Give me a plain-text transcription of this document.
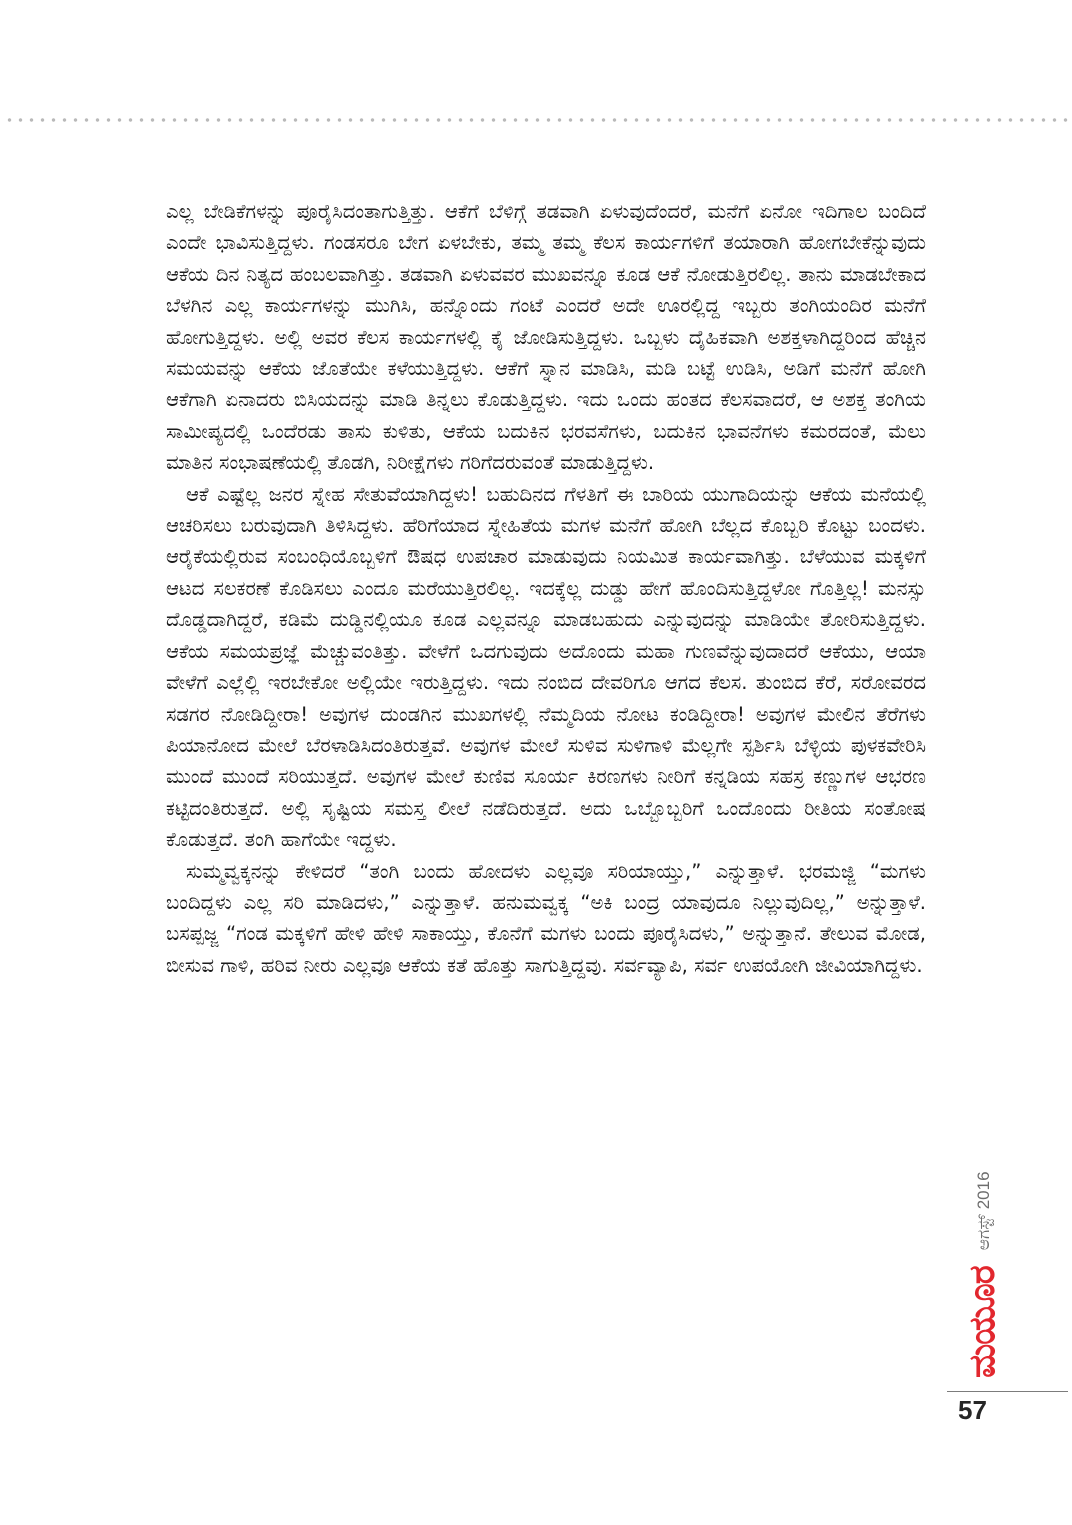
ಎಲ್ಲ ಬೇಡಿಕೆಗಳನ್ನು ಪೂರೈಸಿದಂತಾಗುತ್ತಿತ್ತು. ಆಕೆಗೆ ಬೆಳಿಗ್ಗೆ ತಡವಾಗಿ ಏಳುವುದೆಂದರೆ, ಮನೆಗೆ ಏನೋ ಇದಿಗಾಲ ಬಂದಿದೆ ಎಂದೇ ಭಾವಿಸುತ್ತಿದ್ದಳು. ಗಂಡಸರೂ ಬೇಗ ಏಳಬೇಕು, ತಮ್ಮ ತಮ್ಮ ಕೆಲಸ ಕಾರ್ಯಗಳಿಗೆ ತಯಾರಾಗಿ ಹೋಗಬೇಕೆನ್ನುವುದು ಆಕೆಯ ದಿನ ನಿತ್ಯದ ಹಂಬಲವಾಗಿತ್ತು. ತಡವಾಗಿ ಏಳುವವರ ಮುಖವನ್ನೂ ಕೂಡ ಆಕೆ ನೋಡುತ್ತಿರಲಿಲ್ಲ. ತಾನು ಮಾಡಬೇಕಾದ ಬೆಳಗಿನ ಎಲ್ಲ ಕಾರ್ಯಗಳನ್ನು ಮುಗಿಸಿ, ಹನ್ನೊಂದು ಗಂಟೆ ಎಂದರೆ ಅದೇ ಊರಲ್ಲಿದ್ದ ಇಬ್ಬರು ತಂಗಿಯಂದಿರ ಮನೆಗೆ ಹೋಗುತ್ತಿದ್ದಳು. ಅಲ್ಲಿ ಅವರ ಕೆಲಸ ಕಾರ್ಯಗಳಲ್ಲಿ ಕೈ ಜೋಡಿಸುತ್ತಿದ್ದಳು. ಒಬ್ಬಳು ದೈಹಿಕವಾಗಿ ಅಶಕ್ತಳಾಗಿದ್ದರಿಂದ ಹೆಚ್ಚಿನ ಸಮಯವನ್ನು ಆಕೆಯ ಜೊತೆಯೇ ಕಳೆಯುತ್ತಿದ್ದಳು. ಆಕೆಗೆ ಸ್ನಾನ ಮಾಡಿಸಿ, ಮಡಿ ಬಟ್ಟೆ ಉಡಿಸಿ, ಅಡಿಗೆ ಮನೆಗೆ ಹೋಗಿ ಆಕೆಗಾಗಿ ಏನಾದರು ಬಿಸಿಯದನ್ನು ಮಾಡಿ ತಿನ್ನಲು ಕೊಡುತ್ತಿದ್ದಳು. ಇದು ಒಂದು ಹಂತದ ಕೆಲಸವಾದರೆ, ಆ ಅಶಕ್ತ ತಂಗಿಯ ಸಾಮೀಪ್ಯದಲ್ಲಿ ಒಂದೆರಡು ತಾಸು ಕುಳಿತು, ಆಕೆಯ ಬದುಕಿನ ಭರವಸೆಗಳು, ಬದುಕಿನ ಭಾವನೆಗಳು ಕಮರದಂತೆ, ಮೆಲು ಮಾತಿನ ಸಂಭಾಷಣೆಯಲ್ಲಿ ತೊಡಗಿ, ನಿರೀಕ್ಷೆಗಳು ಗರಿಗೆದರುವಂತೆ ಮಾಡುತ್ತಿದ್ದಳು.

ಆಕೆ ಎಷ್ಟೆಲ್ಲ ಜನರ ಸ್ನೇಹ ಸೇತುವೆಯಾಗಿದ್ದಳು! ಬಹುದಿನದ ಗೆಳತಿಗೆ ಈ ಬಾರಿಯ ಯುಗಾದಿಯನ್ನು ಆಕೆಯ ಮನೆಯಲ್ಲಿ ಆಚರಿಸಲು ಬರುವುದಾಗಿ ತಿಳಿಸಿದ್ದಳು. ಹೆರಿಗೆಯಾದ ಸ್ನೇಹಿತೆಯ ಮಗಳ ಮನೆಗೆ ಹೋಗಿ ಬೆಲ್ಲದ ಕೊಬ್ಬರಿ ಕೊಟ್ಟು ಬಂದಳು. ಆರೈಕೆಯಲ್ಲಿರುವ ಸಂಬಂಧಿಯೊಬ್ಬಳಿಗೆ ಔಷಧ ಉಪಚಾರ ಮಾಡುವುದು ನಿಯಮಿತ ಕಾರ್ಯವಾಗಿತ್ತು. ಬೆಳೆಯುವ ಮಕ್ಕಳಿಗೆ ಆಟದ ಸಲಕರಣೆ ಕೊಡಿಸಲು ಎಂದೂ ಮರೆಯುತ್ತಿರಲಿಲ್ಲ. ಇದಕ್ಕೆಲ್ಲ ದುಡ್ಡು ಹೇಗೆ ಹೊಂದಿಸುತ್ತಿದ್ದಳೋ ಗೊತ್ತಿಲ್ಲ! ಮನಸ್ಸು ದೊಡ್ಡದಾಗಿದ್ದರೆ, ಕಡಿಮೆ ದುಡ್ಡಿನಲ್ಲಿಯೂ ಕೂಡ ಎಲ್ಲವನ್ನೂ ಮಾಡಬಹುದು ಎನ್ನುವುದನ್ನು ಮಾಡಿಯೇ ತೋರಿಸುತ್ತಿದ್ದಳು. ಆಕೆಯ ಸಮಯಪ್ರಜ್ಞೆ ಮೆಚ್ಚುವಂತಿತ್ತು. ವೇಳೆಗೆ ಒದಗುವುದು ಅದೊಂದು ಮಹಾ ಗುಣವೆನ್ನುವುದಾದರೆ ಆಕೆಯು, ಆಯಾ ವೇಳೆಗೆ ಎಲ್ಲೆಲ್ಲಿ ಇರಬೇಕೋ ಅಲ್ಲಿಯೇ ಇರುತ್ತಿದ್ದಳು. ಇದು ನಂಬಿದ ದೇವರಿಗೂ ಆಗದ ಕೆಲಸ. ತುಂಬಿದ ಕೆರೆ, ಸರೋವರದ ಸಡಗರ ನೋಡಿದ್ದೀರಾ! ಅವುಗಳ ದುಂಡಗಿನ ಮುಖಗಳಲ್ಲಿ ನೆಮ್ಮದಿಯ ನೋಟ ಕಂಡಿದ್ದೀರಾ! ಅವುಗಳ ಮೇಲಿನ ತೆರೆಗಳು ಪಿಯಾನೋದ ಮೇಲೆ ಬೆರಳಾಡಿಸಿದಂತಿರುತ್ತವೆ. ಅವುಗಳ ಮೇಲೆ ಸುಳಿವ ಸುಳಿಗಾಳಿ ಮೆಲ್ಲಗೇ ಸ್ಪರ್ಶಿಸಿ ಬೆಳ್ಳಿಯ ಪುಳಕವೇರಿಸಿ ಮುಂದೆ ಮುಂದೆ ಸರಿಯುತ್ತದೆ. ಅವುಗಳ ಮೇಲೆ ಕುಣಿವ ಸೂರ್ಯ ಕಿರಣಗಳು ನೀರಿಗೆ ಕನ್ನಡಿಯ ಸಹಸ್ರ ಕಣ್ಣುಗಳ ಆಭರಣ ಕಟ್ಟಿದಂತಿರುತ್ತದೆ. ಅಲ್ಲಿ ಸೃಷ್ಟಿಯ ಸಮಸ್ತ ಲೀಲೆ ನಡೆದಿರುತ್ತದೆ. ಅದು ಒಬ್ಬೊಬ್ಬರಿಗೆ ಒಂದೊಂದು ರೀತಿಯ ಸಂತೋಷ ಕೊಡುತ್ತದೆ. ತಂಗಿ ಹಾಗೆಯೇ ಇದ್ದಳು.

ಸುಮ್ಮವ್ವಕ್ಕನನ್ನು ಕೇಳಿದರೆ “ತಂಗಿ ಬಂದು ಹೋದಳು ಎಲ್ಲವೂ ಸರಿಯಾಯ್ತು,” ಎನ್ನುತ್ತಾಳೆ. ಭರಮಜ್ಜಿ “ಮಗಳು ಬಂದಿದ್ದಳು ಎಲ್ಲ ಸರಿ ಮಾಡಿದಳು,” ಎನ್ನುತ್ತಾಳೆ. ಹನುಮವ್ವಕ್ಕ “ಅಕಿ ಬಂದ್ರ ಯಾವುದೂ ನಿಲ್ಲುವುದಿಲ್ಲ,” ಅನ್ನುತ್ತಾಳೆ. ಬಸಪ್ಪಜ್ಜ “ಗಂಡ ಮಕ್ಕಳಿಗೆ ಹೇಳಿ ಹೇಳಿ ಸಾಕಾಯ್ತು, ಕೊನೆಗೆ ಮಗಳು ಬಂದು ಪೂರೈಸಿದಳು,” ಅನ್ನುತ್ತಾನೆ. ತೇಲುವ ಮೋಡ, ಬೀಸುವ ಗಾಳಿ, ಹರಿವ ನೀರು ಎಲ್ಲವೂ ಆಕೆಯ ಕತೆ ಹೊತ್ತು ಸಾಗುತ್ತಿದ್ದವು. ಸರ್ವವ್ಯಾಪಿ, ಸರ್ವ ಉಪಯೋಗಿ ಜೀವಿಯಾಗಿದ್ದಳು.

ಮಯೂರ
ಆಗಸ್ಟ್ 2016
57
